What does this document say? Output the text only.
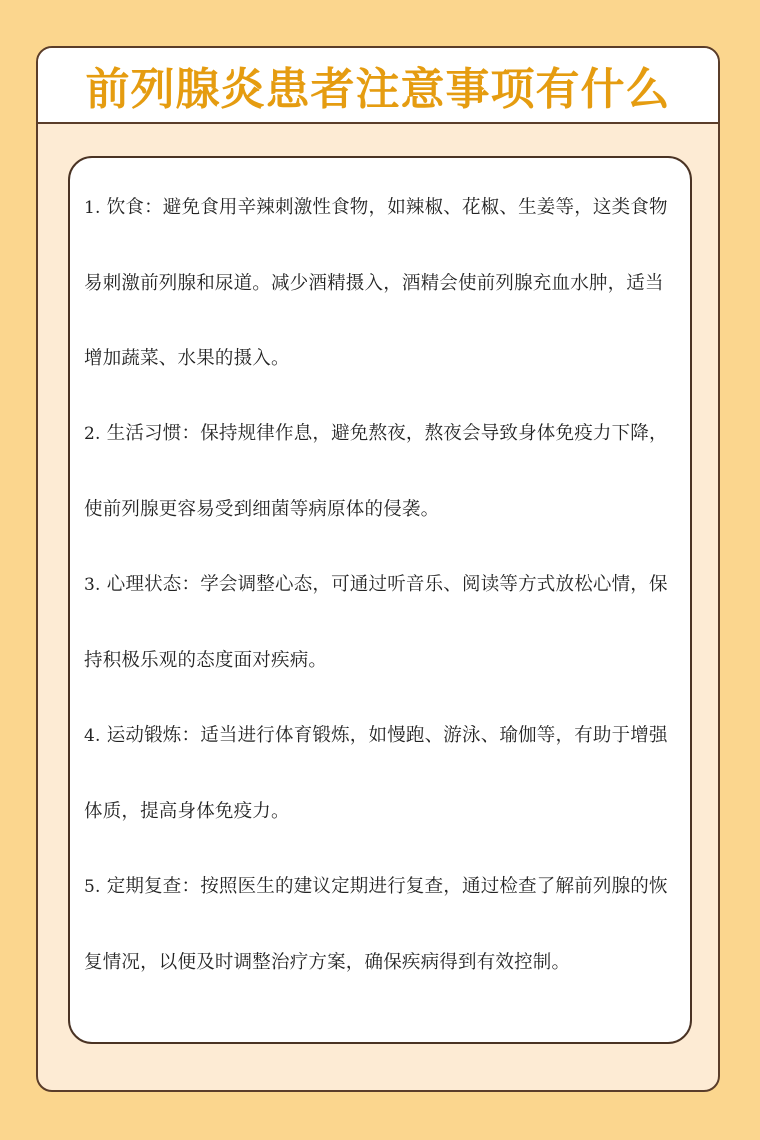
前列腺炎患者注意事项有什么

1. 饮食：避免食用辛辣刺激性食物，如辣椒、花椒、生姜等，这类食物易刺激前列腺和尿道。减少酒精摄入，酒精会使前列腺充血水肿，适当增加蔬菜、水果的摄入。

2. 生活习惯：保持规律作息，避免熬夜，熬夜会导致身体免疫力下降，使前列腺更容易受到细菌等病原体的侵袭。

3. 心理状态：学会调整心态，可通过听音乐、阅读等方式放松心情，保持积极乐观的态度面对疾病。

4. 运动锻炼：适当进行体育锻炼，如慢跑、游泳、瑜伽等，有助于增强体质，提高身体免疫力。

5. 定期复查：按照医生的建议定期进行复查，通过检查了解前列腺的恢复情况，以便及时调整治疗方案，确保疾病得到有效控制。
